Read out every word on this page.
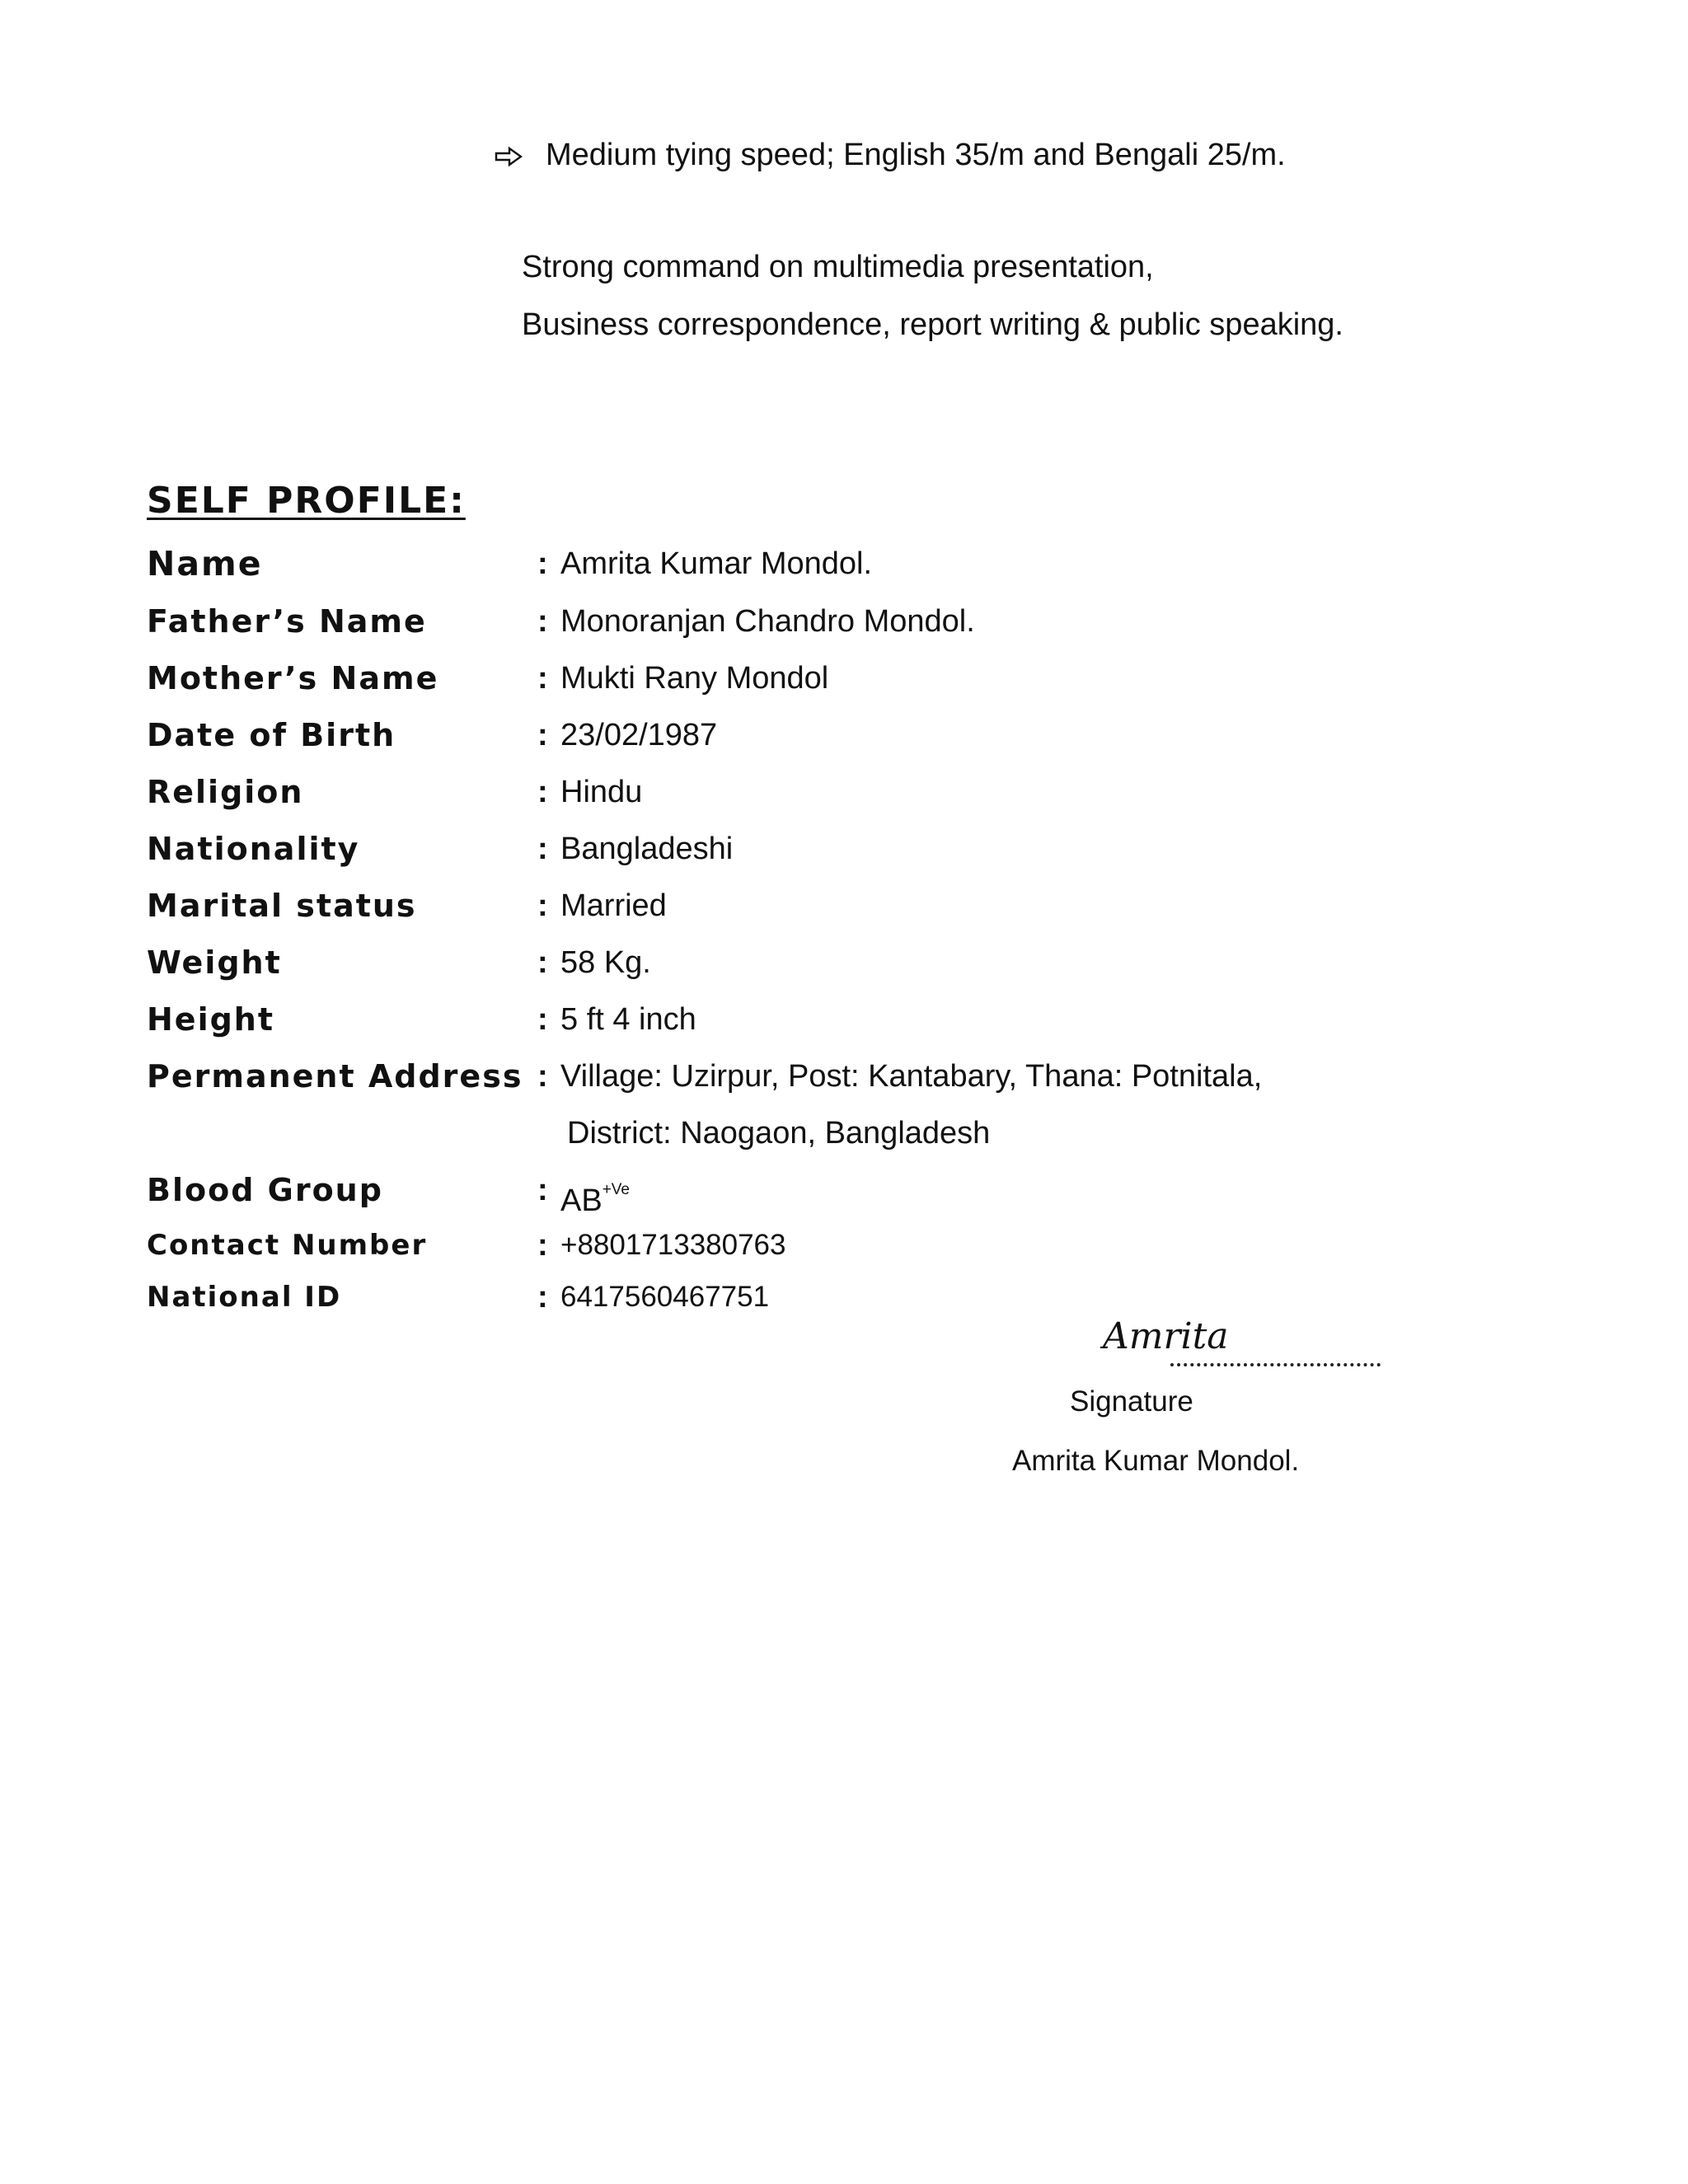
Medium tying speed; English 35/m and Bengali 25/m.
Strong command on multimedia presentation,
Business correspondence, report writing & public speaking.
SELF PROFILE:
Name	: Amrita Kumar Mondol.
Father’s Name	: Monoranjan Chandro Mondol.
Mother’s Name	: Mukti Rany Mondol
Date of Birth	: 23/02/1987
Religion	: Hindu
Nationality	: Bangladeshi
Marital status	: Married
Weight	: 58 Kg.
Height	: 5 ft 4 inch
Permanent Address : Village: Uzirpur, Post: Kantabary, Thana: Potnitala,
District: Naogaon, Bangladesh
Blood Group	: $AB^{+Ve}$
Contact Number	: +8801713380763
National ID	: 6417560467751
Amrita
Signature
Amrita Kumar Mondol.
